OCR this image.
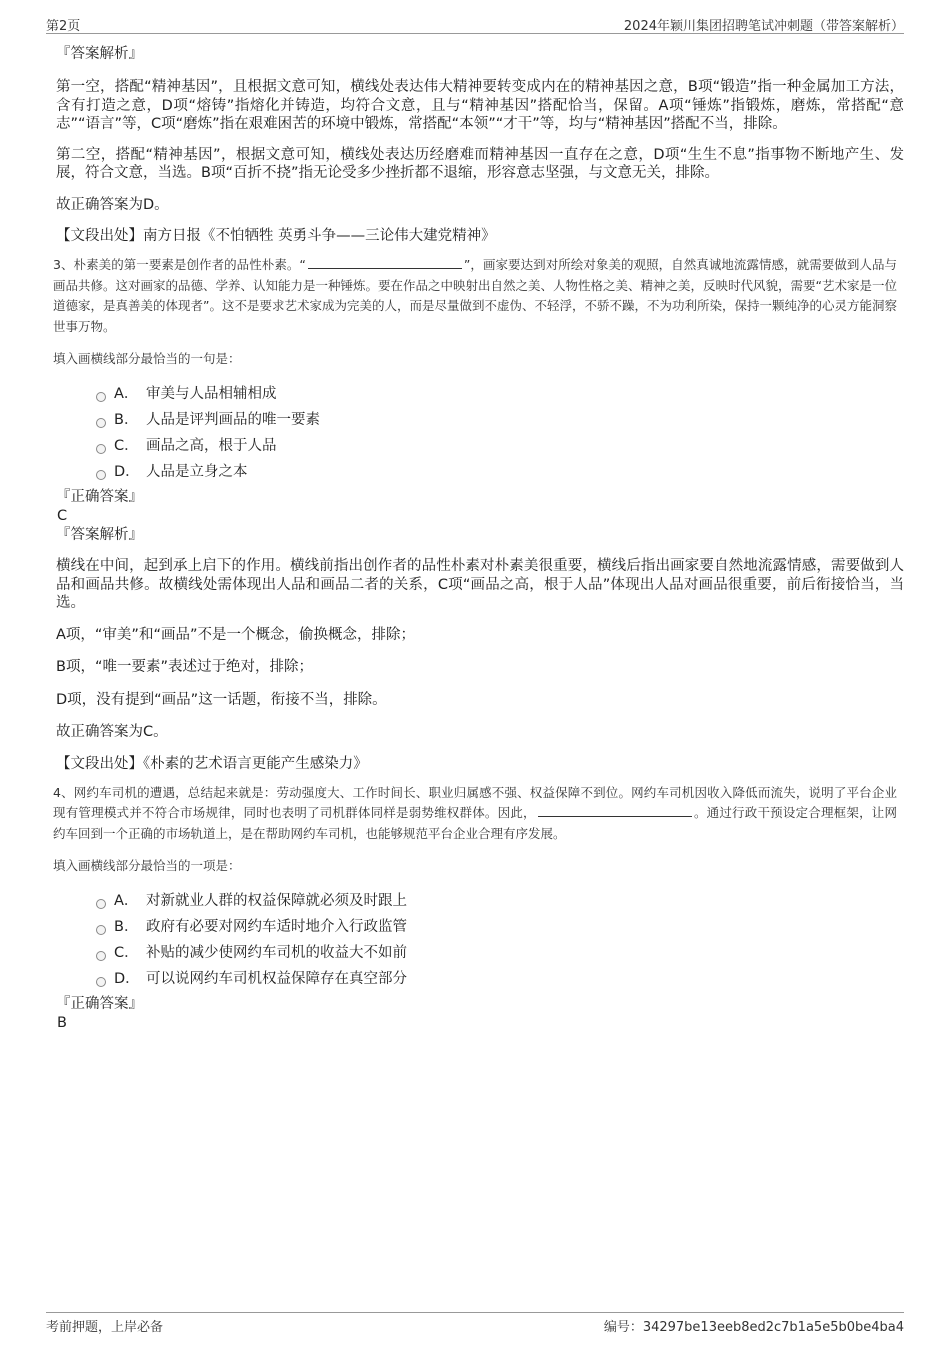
第2页	2024年颖川集团招聘笔试冲刺题（带答案解析）

『答案解析』

第一空，搭配“精神基因”，且根据文意可知，横线处表达伟大精神要转变成内在的精神基因之意，B项“锻造”指一种金属加工方法，含有打造之意，D项“熔铸”指熔化并铸造，均符合文意，且与“精神基因”搭配恰当，保留。A项“锤炼”指锻炼，磨炼，常搭配“意志”“语言”等，C项“磨炼”指在艰难困苦的环境中锻炼，常搭配“本领”“才干”等，均与“精神基因”搭配不当，排除。

第二空，搭配“精神基因”，根据文意可知，横线处表达历经磨难而精神基因一直存在之意，D项“生生不息”指事物不断地产生、发展，符合文意，当选。B项“百折不挠”指无论受多少挫折都不退缩，形容意志坚强，与文意无关，排除。

故正确答案为D。

【文段出处】南方日报《不怕牺牲 英勇斗争——三论伟大建党精神》

3、朴素美的第一要素是创作者的品性朴素。“	”，画家要达到对所绘对象美的观照，自然真诚地流露情感，就需要做到人品与画品共修。这对画家的品德、学养、认知能力是一种锤炼。要在作品之中映射出自然之美、人物性格之美、精神之美，反映时代风貌，需要“艺术家是一位道德家，是真善美的体现者”。这不是要求艺术家成为完美的人，而是尽量做到不虚伪、不轻浮，不骄不躁，不为功利所染，保持一颗纯净的心灵方能洞察世事万物。

填入画横线部分最恰当的一句是：

A． 审美与人品相辅相成
B． 人品是评判画品的唯一要素
C． 画品之高，根于人品
D． 人品是立身之本

『正确答案』

C

『答案解析』

横线在中间，起到承上启下的作用。横线前指出创作者的品性朴素对朴素美很重要，横线后指出画家要自然地流露情感，需要做到人品和画品共修。故横线处需体现出人品和画品二者的关系，C项“画品之高，根于人品”体现出人品对画品很重要，前后衔接恰当，当选。

A项，“审美”和“画品”不是一个概念，偷换概念，排除；

B项，“唯一要素”表述过于绝对，排除；

D项，没有提到“画品”这一话题，衔接不当，排除。

故正确答案为C。

【文段出处】《朴素的艺术语言更能产生感染力》

4、网约车司机的遭遇，总结起来就是：劳动强度大、工作时间长、职业归属感不强、权益保障不到位。网约车司机因收入降低而流失，说明了平台企业现有管理模式并不符合市场规律，同时也表明了司机群体同样是弱势维权群体。因此，	。通过行政干预设定合理框架，让网约车回到一个正确的市场轨道上，是在帮助网约车司机，也能够规范平台企业合理有序发展。

填入画横线部分最恰当的一项是：

A． 对新就业人群的权益保障就必须及时跟上
B． 政府有必要对网约车适时地介入行政监管
C． 补贴的减少使网约车司机的收益大不如前
D． 可以说网约车司机权益保障存在真空部分

『正确答案』

B

考前押题，上岸必备	编号：34297be13eeb8ed2c7b1a5e5b0be4ba4
